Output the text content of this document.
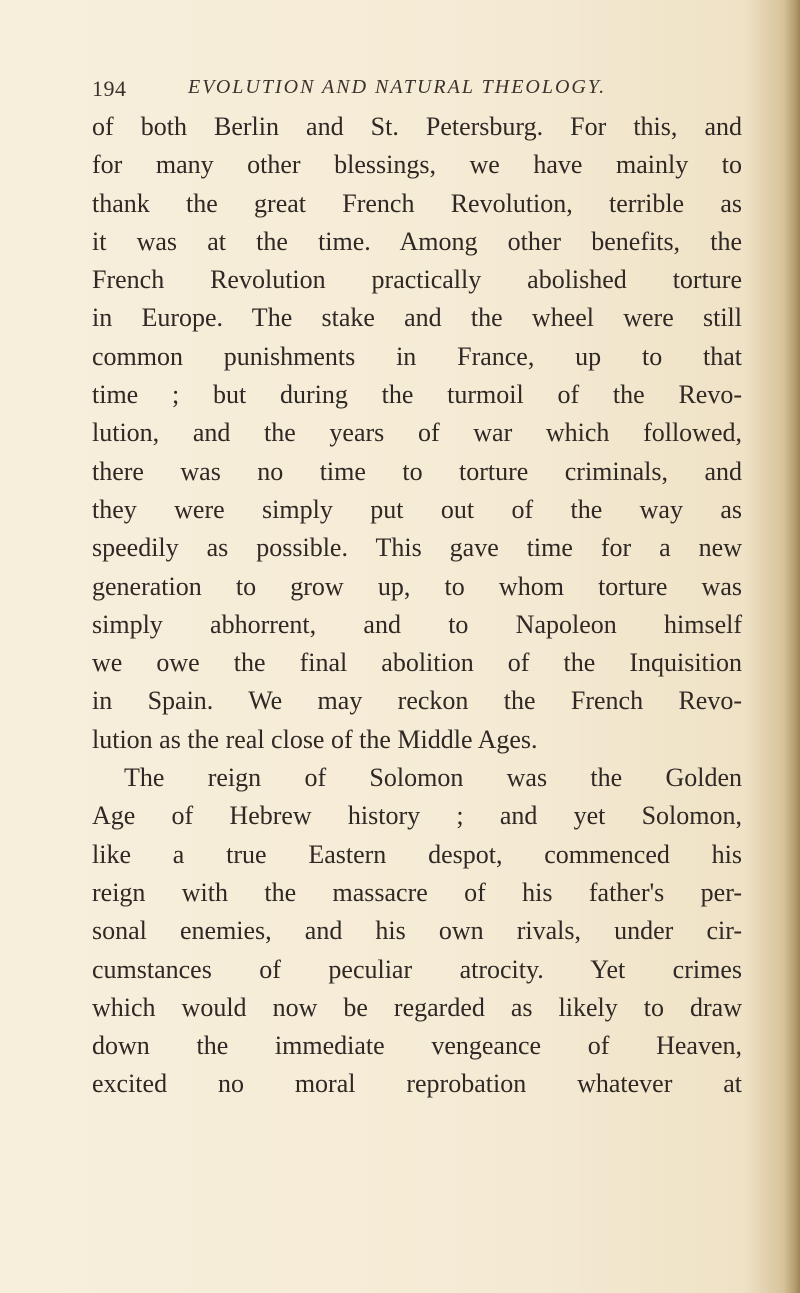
194	EVOLUTION AND NATURAL THEOLOGY.
of both Berlin and St. Petersburg. For this, and
for many other blessings, we have mainly to
thank the great French Revolution, terrible as
it was at the time. Among other benefits, the
French Revolution practically abolished torture
in Europe. The stake and the wheel were still
common punishments in France, up to that
time ; but during the turmoil of the Revo-
lution, and the years of war which followed,
there was no time to torture criminals, and
they were simply put out of the way as
speedily as possible. This gave time for a new
generation to grow up, to whom torture was
simply abhorrent, and to Napoleon himself
we owe the final abolition of the Inquisition
in Spain. We may reckon the French Revo-
lution as the real close of the Middle Ages.
The reign of Solomon was the Golden
Age of Hebrew history ; and yet Solomon,
like a true Eastern despot, commenced his
reign with the massacre of his father's per-
sonal enemies, and his own rivals, under cir-
cumstances of peculiar atrocity. Yet crimes
which would now be regarded as likely to draw
down the immediate vengeance of Heaven,
excited no moral reprobation whatever at
